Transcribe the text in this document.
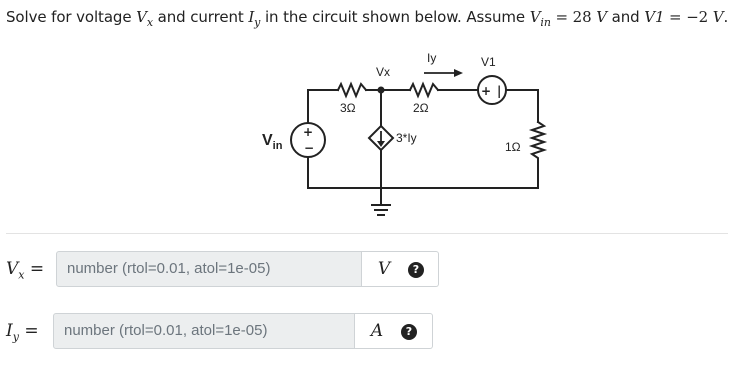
Solve for voltage $V_x$ and current $I_y$ in the circuit shown below. Assume $V_{in} = 28$ V and V1 = −2 V.
Vx
Iy	V1
3Ω	2Ω
1Ω
3*Iy
$V_{in}$
+
−
+ |
$V_x$ =	number (rtol=0.01, atol=1e-05)	V	?
$I_y$ =	number (rtol=0.01, atol=1e-05)	A	?
